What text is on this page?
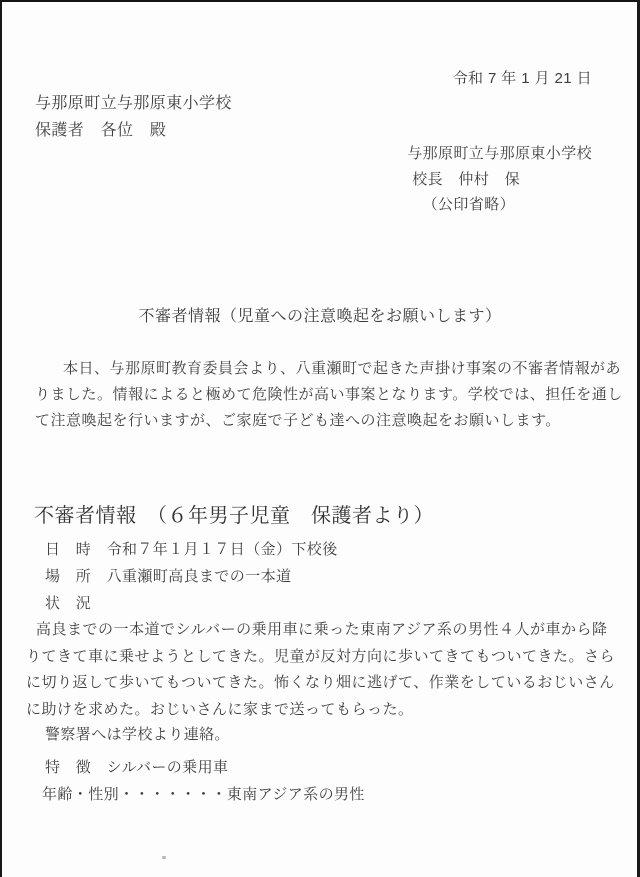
令和 7 年 1 月 21 日
与那原町立与那原東小学校
保護者　各位　殿
与那原町立与那原東小学校
校長　仲村　保
（公印省略）
不審者情報（児童への注意喚起をお願いします）
本日、与那原町教育委員会より、八重瀬町で起きた声掛け事案の不審者情報があ
りました。情報によると極めて危険性が高い事案となります。学校では、担任を通し
て注意喚起を行いますが、ご家庭で子ども達への注意喚起をお願いします。
不審者情報　（６年男子児童　保護者より）
日　時　令和７年１月１７日（金）下校後
場　所　八重瀬町高良までの一本道
状　況
高良までの一本道でシルバーの乗用車に乗った東南アジア系の男性４人が車から降
りてきて車に乗せようとしてきた。児童が反対方向に歩いてきてもついてきた。さら
に切り返して歩いてもついてきた。怖くなり畑に逃げて、作業をしているおじいさん
に助けを求めた。おじいさんに家まで送ってもらった。
警察署へは学校より連絡。
特　徴　シルバーの乗用車
年齢・性別・・・・・・・東南アジア系の男性
